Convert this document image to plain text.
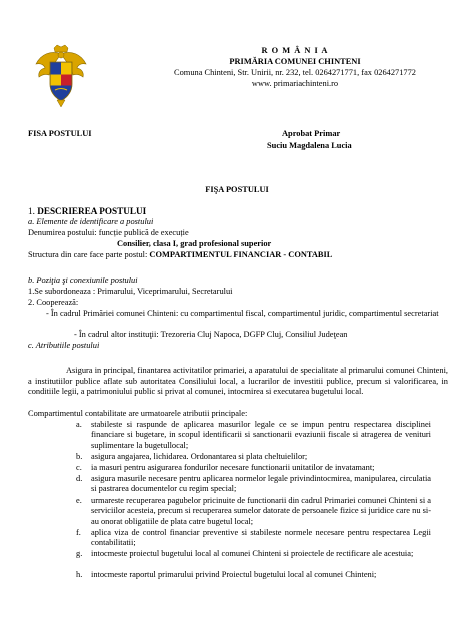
R O M Â N I A
PRIMĂRIA COMUNEI CHINTENI
Comuna Chinteni, Str. Unirii, nr. 232, tel. 0264271771, fax 0264271772
www. primariachinteni.ro
FISA POSTULUI	Aprobat Primar
Suciu Magdalena Lucia
FIŞA POSTULUI
1. DESCRIEREA POSTULUI
a. Elemente de identificare a postului
Denumirea postului: funcție publică de execuție
Consilier, clasa I, grad profesional superior
Structura din care face parte postul: COMPARTIMENTUL FINANCIAR - CONTABIL
b. Poziţia şi conexiunile postului
1.Se subordoneaza : Primarului, Viceprimarului, Secretarului
2. Cooperează:
- În cadrul Primăriei comunei Chinteni: cu compartimentul fiscal, compartimentul juridic, compartimentul secretariat
- În cadrul altor instituţii: Trezoreria Cluj Napoca, DGFP Cluj, Consiliul Judeţean
c. Atributiile postului
Asigura in principal, finantarea activitatilor primariei, a aparatului de specialitate al primarului comunei Chinteni, a institutiilor publice aflate sub autoritatea Consiliului local, a lucrarilor de investitii publice, precum si valorificarea, in conditiile legii, a patrimoniului public si privat al comunei, intocmirea si executarea bugetului local.
Compartimentul contabilitate are urmatoarele atributii principale:
a.	stabileste si raspunde de aplicarea masurilor legale ce se impun pentru respectarea disciplinei financiare si bugetare, in scopul identificarii si sanctionarii evaziunii fiscale si atragerea de venituri suplimentare la bugetullocal;
b.	asigura angajarea, lichidarea. Ordonantarea si plata cheltuielilor;
c.	ia masuri pentru asigurarea fondurilor necesare functionarii unitatilor de invatamant;
d.	asigura masurile necesare pentru aplicarea normelor legale privindintocmirea, manipularea, circulatia si pastrarea documentelor cu regim special;
e.	urmareste recuperarea pagubelor pricinuite de functionarii din cadrul Primariei comunei Chinteni si a serviciilor acesteia, precum si recuperarea sumelor datorate de persoanele fizice si juridice care nu si-au onorat obligatiile de plata catre bugetul local;
f.	aplica viza de control financiar preventive si stabileste normele necesare pentru respectarea Legii contabilitatii;
g.	intocmeste proiectul bugetului local al comunei Chinteni si proiectele de rectificare ale acestuia;
h.	intocmeste raportul primarului privind Proiectul bugetului local al comunei Chinteni;
